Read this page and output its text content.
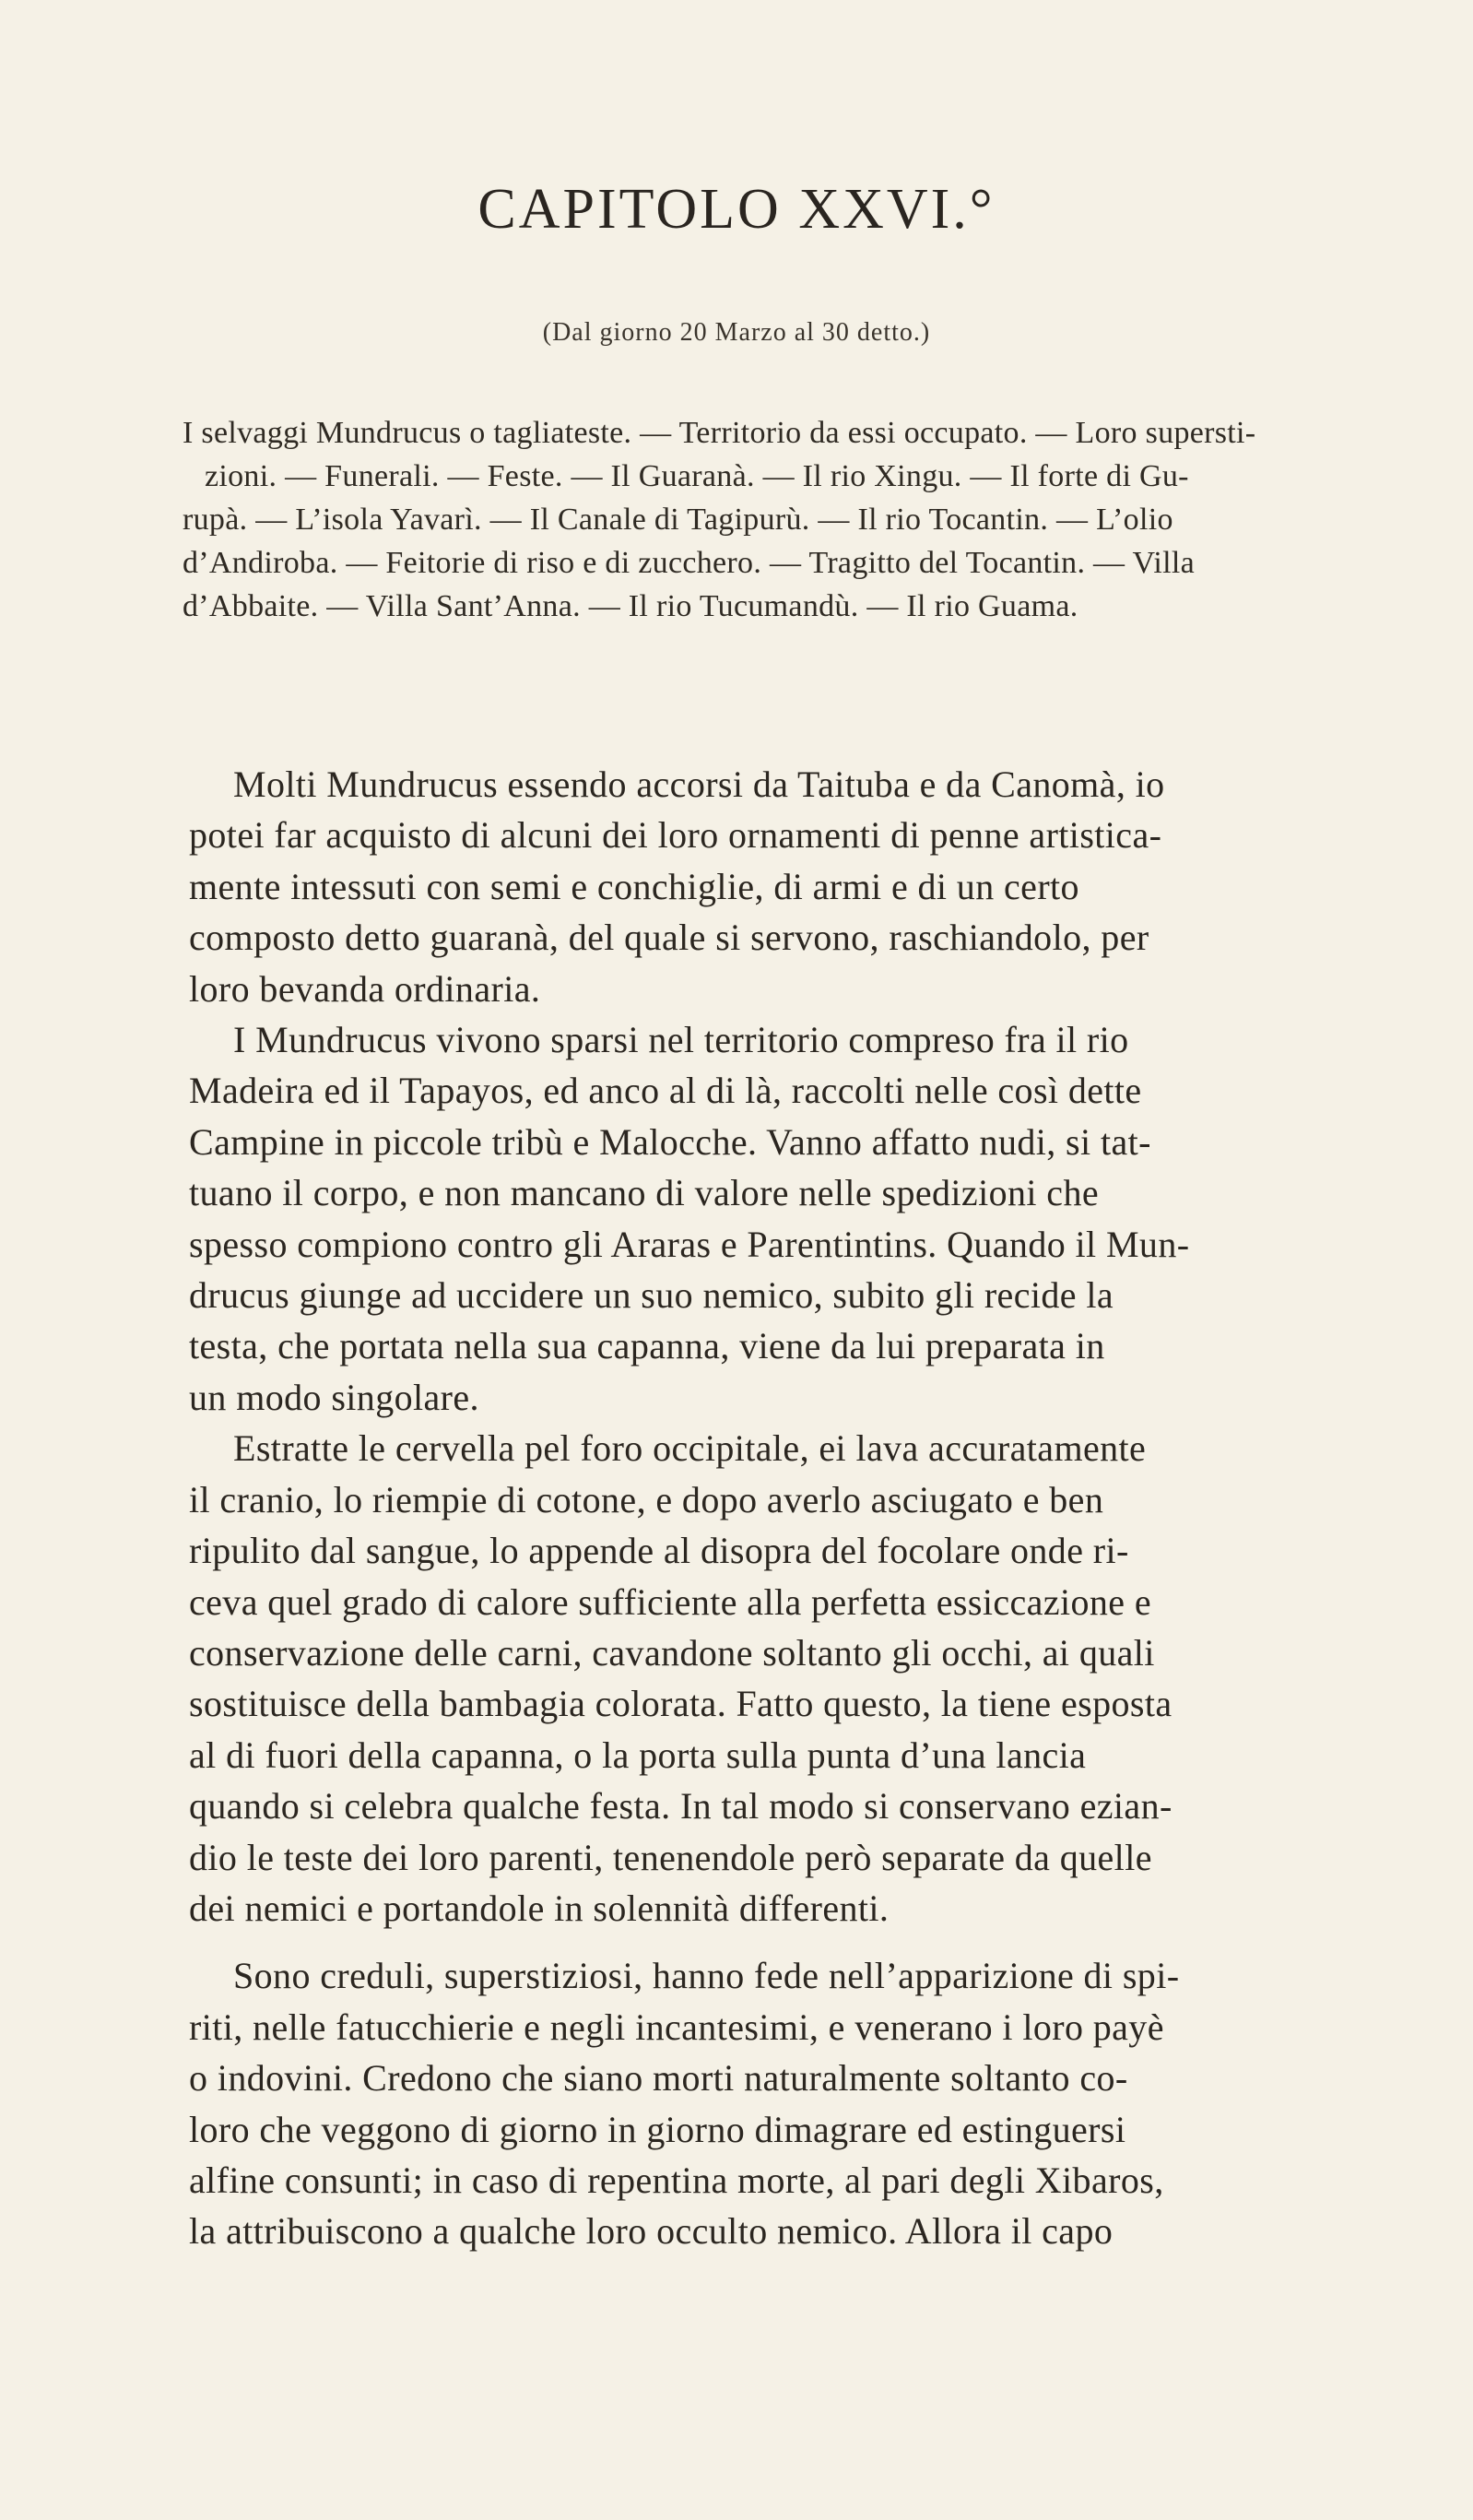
CAPITOLO XXVI.°
(Dal giorno 20 Marzo al 30 detto.)
I selvaggi Mundrucus o tagliateste. — Territorio da essi occupato. — Loro supersti-
zioni. — Funerali. — Feste. — Il Guaranà. — Il rio Xingu. — Il forte di Gu-
rupà. — L’isola Yavarì. — Il Canale di Tagipurù. — Il rio Tocantin. — L’olio
d’Andiroba. — Feitorie di riso e di zucchero. — Tragitto del Tocantin. — Villa
d’Abbaite. — Villa Sant’Anna. — Il rio Tucumandù. — Il rio Guama.
Molti Mundrucus essendo accorsi da Taituba e da Canomà, io
potei far acquisto di alcuni dei loro ornamenti di penne artistica-
mente intessuti con semi e conchiglie, di armi e di un certo
composto detto guaranà, del quale si servono, raschiandolo, per
loro bevanda ordinaria.
I Mundrucus vivono sparsi nel territorio compreso fra il rio
Madeira ed il Tapayos, ed anco al di là, raccolti nelle così dette
Campine in piccole tribù e Malocche. Vanno affatto nudi, si tat-
tuano il corpo, e non mancano di valore nelle spedizioni che
spesso compiono contro gli Araras e Parentintins. Quando il Mun-
drucus giunge ad uccidere un suo nemico, subito gli recide la
testa, che portata nella sua capanna, viene da lui preparata in
un modo singolare.
Estratte le cervella pel foro occipitale, ei lava accuratamente
il cranio, lo riempie di cotone, e dopo averlo asciugato e ben
ripulito dal sangue, lo appende al disopra del focolare onde ri-
ceva quel grado di calore sufficiente alla perfetta essiccazione e
conservazione delle carni, cavandone soltanto gli occhi, ai quali
sostituisce della bambagia colorata. Fatto questo, la tiene esposta
al di fuori della capanna, o la porta sulla punta d’una lancia
quando si celebra qualche festa. In tal modo si conservano ezian-
dio le teste dei loro parenti, tenenendole però separate da quelle
dei nemici e portandole in solennità differenti.
Sono creduli, superstiziosi, hanno fede nell’apparizione di spi-
riti, nelle fatucchierie e negli incantesimi, e venerano i loro payè
o indovini. Credono che siano morti naturalmente soltanto co-
loro che veggono di giorno in giorno dimagrare ed estinguersi
alfine consunti; in caso di repentina morte, al pari degli Xibaros,
la attribuiscono a qualche loro occulto nemico. Allora il capo
